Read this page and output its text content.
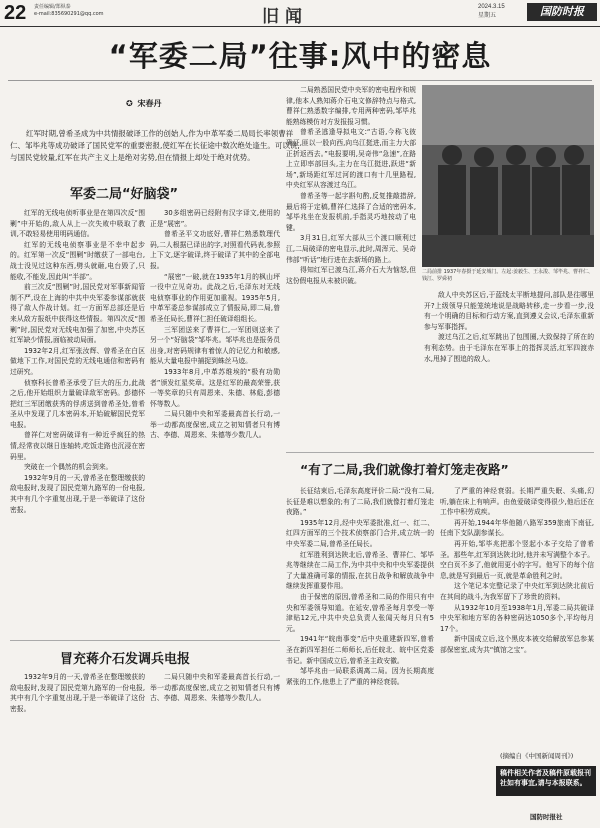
22 责任编辑/郑纵泰
e-mail:835690291@qq.com	旧闻	2024.3.15
星期五	国防时报
“军委二局”往事:风中的密息
✪ 宋春丹
红军时期,曾希圣成为中共情报破译工作的创始人,作为中革军委二局局长率领曹祥仁、邹毕兆等成功破译了国民党军的重要密报,使红军在长征途中数次绝处逢生。可以说,与国民党较量,红军在共产主义上是绝对劣势,但在情报上却处于绝对优势。
军委二局“好脑袋”

红军的无线电侦听事业是在第四次反“围剿”中开始的,敌人从上一次失败中吸取了教训,不敢轻易使用明码通信。

红军的无线电侦察事业是不幸中起步的。红军第一次反“围剿”时缴获了一部电台,战士没见过这种东西,劈头就砸,电台毁了,只能收,不能发,因此叫“半部”。

前三次反“围剿”时,国民党对军事新闻管制不严,设在上海的中共中央军委参谋部就获得了敌人作战计划。红一方面军总部还是后来从敌方报纸中获得这些情报。第四次反“围剿”时,国民党对无线电加强了加密,中央苏区红军缺少情报,面临被动局面。

1932年2月,红军张汝辉、曾希圣在白区做地下工作,对国民党的无线电通信和密码有过研究。

侦察科长曾希圣承受了巨大的压力,此战之后,他开始组织力量破译敌军密码。彭德怀把红三军团缴获秀的俘虏送到曾希圣处,曾希圣从中发现了几本密码本,开始破解国民党军电报。

曾祥仁对密码破译有一种近乎疯狂的热情,经常夜以继日连轴转,吃饭走路也沉浸在密码里。

突破在一个偶然的机会到来。

1932年9月的一天,曾希圣在整理缴获的敌电报时,发现了国民党第九路军的一份电报,其中有几个字重复出现,于是一举破译了这份密报。

30多组密码已经附有汉字译文,使用的正是“展密”。

曾希圣平文功底好,曹祥仁熟悉数理代码,二人根据已译出的字,对照看代码表,参照上下文,逐字破译,终于破译了其中的全部电报。

“展密”一破,就在1935年1月的枫山坪一役中立见奇功。此战之后,毛泽东对无线电侦察事业的作用更加重视。1935年5月,中革军委总参谋部成立了情报局,即二局,曾希圣任局长,曹祥仁担任破译组组长。

三军团送来了曹祥仁,一军团则送来了另一个“好脑袋”邹毕兆。邹毕兆也是报务员出身,对密码规律有着惊人的记忆力和敏感,能从大量电报中捕捉到蛛丝马迹。

1933年8月,中革苏维埃的“极有功勋者”颁发红星奖章。这是红军的最高荣誉,获一等奖章的只有周恩来、朱德、林彪,彭德怀等数人。

二局只随中央和军委最高首长行动,一举一动都高度保密,成立之初知情者只有博古、李德、周恩来、朱德等少数几人。

二局熟悉国民党中央军的密电程序和规律,他本人熟知蒋介石电文修辞特点与格式,曹祥仁熟悉数字编排,专用两种密码,邹毕兆能熟练模仿对方发报报习惯。

曾希圣逃逢导拟电文:“古语,今称飞彼确证,匪以一股向西,向乌江挺进,而主力大部正折返西去。”电报要明,吴奇伟“急速”,在路上立即率部回头,主力在乌江挺进,跃进“新场”,新场距红军过河的渡口有十几里路程,中央红军从容渡过乌江。

曾希圣等一起字斟句酌,反复推敲措辞,最后将于定稿,曹祥仁选择了合适的密码本,邹毕兆坐在发报机前,手指灵巧地按动了电键。

3月31日,红军大部从三个渡口顺利过江,二局破译的密电显示,此时,周浑元、吴奇伟部“听话”地行进在去新场的路上。

得知红军已渡乌江,蒋介石大为恼怒,但这份假电报从未被识破。

二局前排 1937年春摄于延安城门。左起:姜毅生、王永浚、邹毕兆、曹祥仁、钱江、罗舜初

敌人中央苏区后,于蓝线太平断地提问,部队是往哪里开?上级领导只能笼统地说是战略转移,走一步看一步,没有一个明确的目标和行动方案,直到遵义会议,毛泽东重新参与军事指挥。

渡过乌江之后,红军跳出了包围圈,大致保持了所在的有利态势。由于毛泽东在军事上的指挥灵活,红军四渡赤水,甩掉了围追的敌人。

“有了二局,我们就像打着灯笼走夜路”

长征结束后,毛泽东高度评价二局:“没有二局,长征是难以想象的;有了二局,我们就像打着灯笼走夜路。”

1935年12月,经中央军委批准,红一、红二、红四方面军的三个技术侦察部门合并,成立统一的中央军委二局,曾希圣任局长。

红军胜利到达陕北后,曾希圣、曹祥仁、邹毕兆等继续在二局工作,为中共中央和中央军委提供了大量准确可靠的情报,在抗日战争和解放战争中继续发挥重要作用。

由于保密的原因,曾希圣和二局的作用只有中央和军委领导知道。在延安,曾希圣每月享受一等津贴12元,中共中央总负责人张闻天每月只有5元。

1941年“皖南事变”后中央重建新四军,曾希圣在新四军担任二师师长,后任皖北、皖中区党委书记。新中国成立后,曾希圣主政安徽。

邹毕兆由一局联系调离二局。因为长期高度紧张的工作,他患上了严重的神经衰弱。

了严重的神经衰弱。长期严重失眠、头痛,幻听,躺在床上有响声。由鱼爱破译变得很少,他后还在工作中积劳成疾。

再开始,1944年华他随八路军359旅南下南征,任南下支队副参谋长。

再开始,邹毕兆把那个竖起小本子交给了曾希圣。那些年,红军到达陕北时,他并未写满整个本子。空白页不多了,他就用更小的字写。他写下的每个信息,就是写到最后一页,就是革命胜利之时。

这个笔记本完整记录了中央红军到达陕北前后在其间的战斗,为我军留下了珍贵的资料。

从1932年10月至1938年1月,军委二局共破译中央军和地方军的各种密码达1050多个,平均每月17个。

新中国成立后,这个黑皮本被交给解放军总参某部保密室,成为共“镇馆之宝”。

冒充蒋介石发调兵电报

1932年9月的一天,曾希圣在整理缴获的敌电报时,发现了国民党第九路军的一份电报,其中有几个字重复出现,于是一举破译了这份密报。

二局只随中央和军委最高首长行动,一举一动都高度保密,成立之初知情者只有博古、李德、周恩来、朱德等少数几人。

(摘编自《中国新闻周刊》)
稿件相关作者及稿件原载报刊社如有事宜,请与本报联系。
国防时报社
